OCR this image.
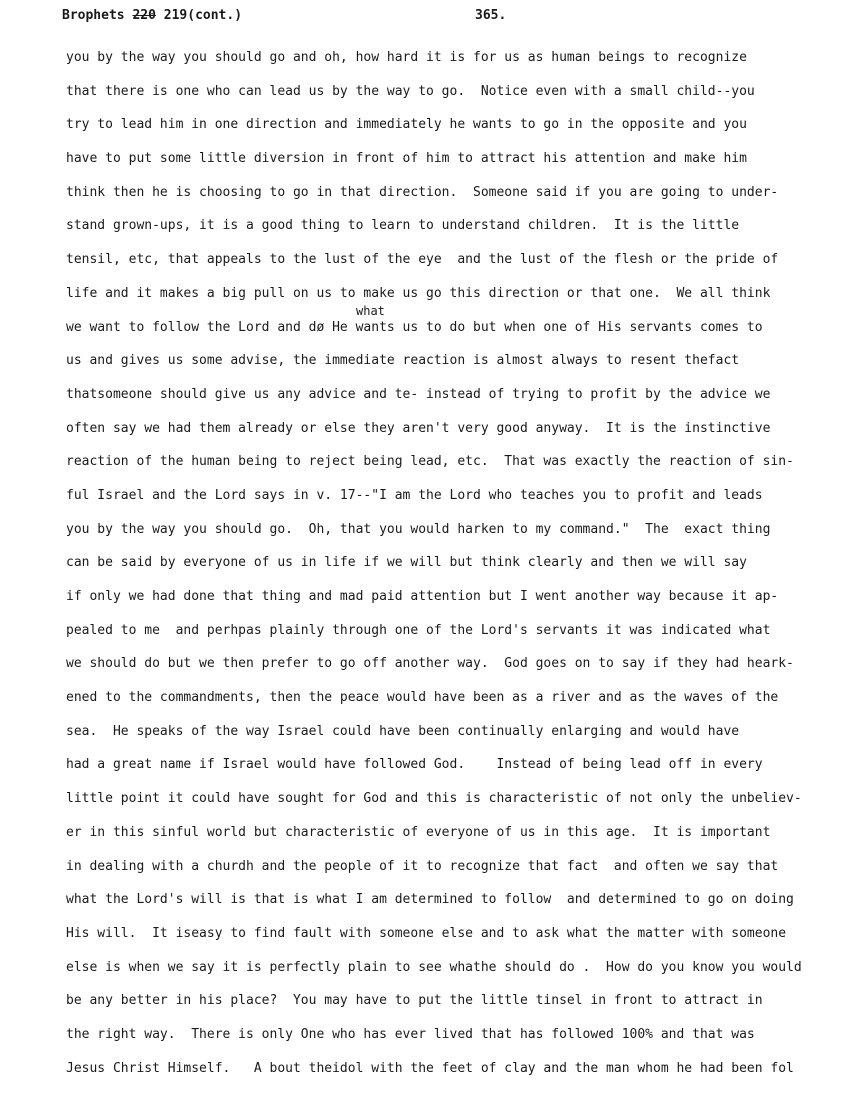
Brophets 220 219(cont.)	365.
you by the way you should go and oh, how hard it is for us as human beings to recognize
that there is one who can lead us by the way to go.  Notice even with a small child--you
try to lead him in one direction and immediately he wants to go in the opposite and you
have to put some little diversion in front of him to attract his attention and make him
think then he is choosing to go in that direction.  Someone said if you are going to under-
stand grown-ups, it is a good thing to learn to understand children.  It is the little
tensil, etc, that appeals to the lust of the eye  and the lust of the flesh or the pride of
life and it makes a big pull on us to make us go this direction or that one.  We all think
what
we want to follow the Lord and dø He wants us to do but when one of His servants comes to
us and gives us some advise, the immediate reaction is almost always to resent thefact
thatsomeone should give us any advice and te- instead of trying to profit by the advice we
often say we had them already or else they aren't very good anyway.  It is the instinctive
reaction of the human being to reject being lead, etc.  That was exactly the reaction of sin-
ful Israel and the Lord says in v. 17--"I am the Lord who teaches you to profit and leads
you by the way you should go.  Oh, that you would harken to my command."  The  exact thing
can be said by everyone of us in life if we will but think clearly and then we will say
if only we had done that thing and mad paid attention but I went another way because it ap-
pealed to me  and perhpas plainly through one of the Lord's servants it was indicated what
we should do but we then prefer to go off another way.  God goes on to say if they had heark-
ened to the commandments, then the peace would have been as a river and as the waves of the
sea.  He speaks of the way Israel could have been continually enlarging and would have
had a great name if Israel would have followed God.    Instead of being lead off in every
little point it could have sought for God and this is characteristic of not only the unbeliev-
er in this sinful world but characteristic of everyone of us in this age.  It is important
in dealing with a churdh and the people of it to recognize that fact  and often we say that
what the Lord's will is that is what I am determined to follow  and determined to go on doing
His will.  It iseasy to find fault with someone else and to ask what the matter with someone
else is when we say it is perfectly plain to see whathe should do .  How do you know you would
be any better in his place?  You may have to put the little tinsel in front to attract in
the right way.  There is only One who has ever lived that has followed 100% and that was
Jesus Christ Himself.   A bout theidol with the feet of clay and the man whom he had been fol
